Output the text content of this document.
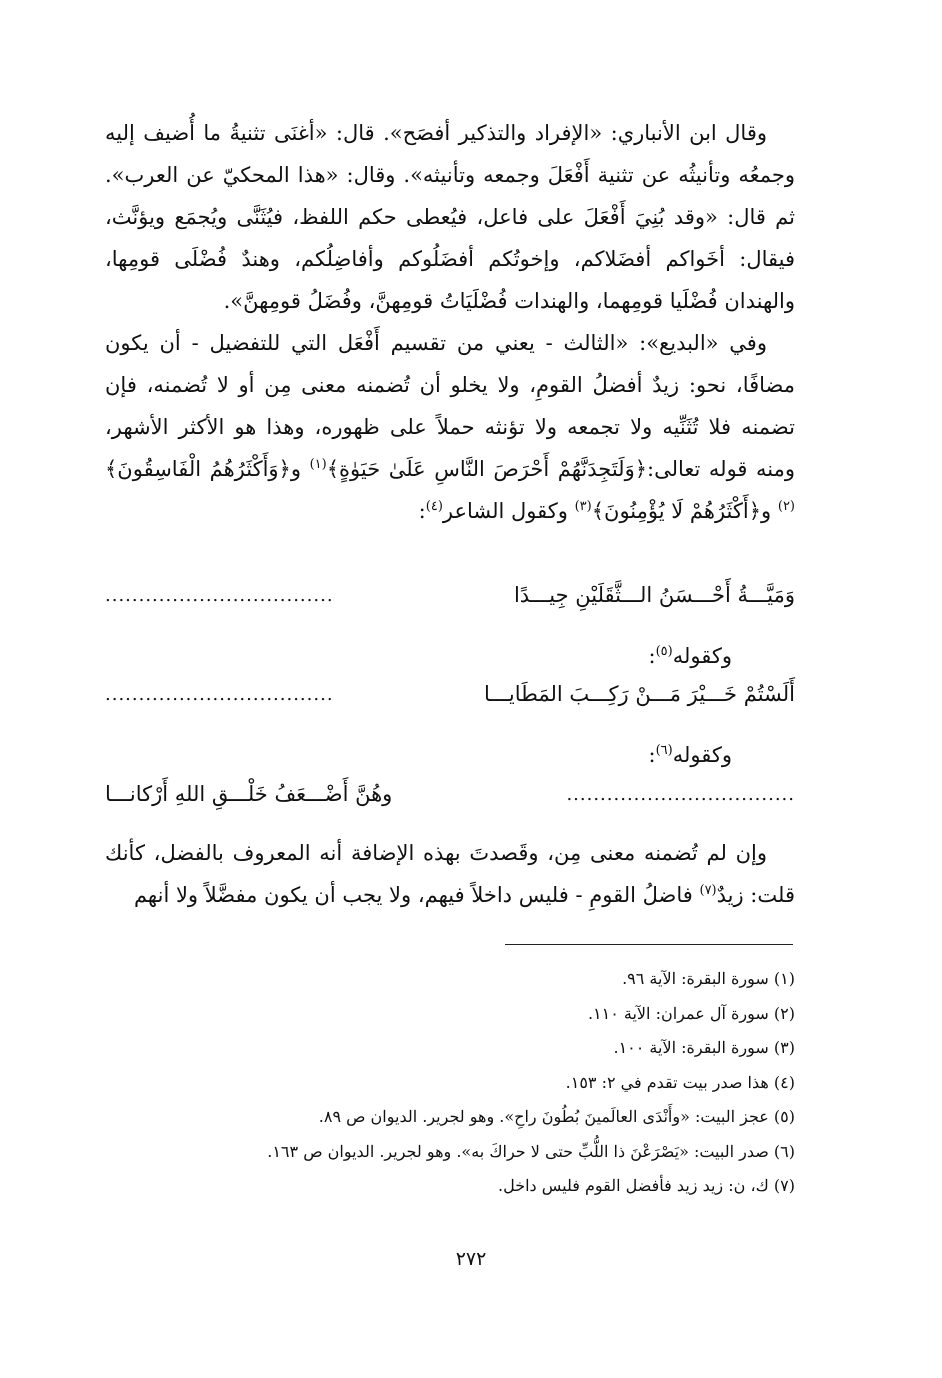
وقال ابن الأنباري: «الإفراد والتذكير أفصَح». قال: «أغنَى تثنيةُ ما أُضيف إليه وجمعُه وتأنيثُه عن تثنية أَفْعَلَ وجمعه وتأنيثه». وقال: «هذا المحكيّ عن العرب». ثم قال: «وقد بُنِيَ أَفْعَلَ على فاعل، فيُعطى حكم اللفظ، فيُثَنَّى ويُجمَع ويؤنَّث، فيقال: أخَواكم أفضَلاكم، وإخوتُكم أفضَلُوكم وأفاضِلُكم، وهندٌ فُضْلَى قومِها، والهندان فُضْلَيا قومِهما، والهندات فُضْلَيَاتُ قومِهنَّ، وفُضَلُ قومِهنَّ».

وفي «البديع»: «الثالث - يعني من تقسيم أَفْعَل التي للتفضيل - أن يكون مضافًا، نحو: زيدٌ أفضلُ القومِ، ولا يخلو أن تُضمنه معنى مِن أو لا تُضمنه، فإن تضمنه فلا تُثَنِّيه ولا تجمعه ولا تؤنثه حملاً على ظهوره، وهذا هو الأكثر الأشهر، ومنه قوله تعالى:﴿وَلَتَجِدَنَّهُمْ أَحْرَصَ النَّاسِ عَلَىٰ حَيَوٰةٍ﴾$^{(١)}$ و﴿وَأَكْثَرُهُمُ الْفَاسِقُونَ﴾$^{(٢)}$ و﴿أَكْثَرُهُمْ لَا يُؤْمِنُونَ﴾$^{(٣)}$ وكقول الشاعر$^{(٤)}$:

وَمَيَّـــةُ أَحْـــسَنُ الـــثَّقَلَيْنِ جِيـــدًا
..................................
وكقوله$^{(٥)}$:
أَلَسْتُمْ خَـــيْرَ مَـــنْ رَكِـــبَ المَطَايـــا
..................................
وكقوله$^{(٦)}$:
..................................
وهُنَّ أَضْـــعَفُ خَلْـــقِ اللهِ أَرْكانـــا

وإن لم تُضمنه معنى مِن، وقَصدتَ بهذه الإضافة أنه المعروف بالفضل، كأنك قلت: زيدٌ$^{(٧)}$ فاضلُ القومِ - فليس داخلاً فيهم، ولا يجب أن يكون مفضَّلاً ولا أنهم

(١) سورة البقرة: الآية ٩٦.
(٢) سورة آل عمران: الآية ١١٠.
(٣) سورة البقرة: الآية ١٠٠.
(٤) هذا صدر بيت تقدم في ٢: ١٥٣.
(٥) عجز البيت: «وأَنْدَى العالَمينَ بُطُونَ راحِ». وهو لجرير. الديوان ص ٨٩.
(٦) صدر البيت: «يَصْرَعْنَ ذا اللُّبِّ حتى لا حراكَ به». وهو لجرير. الديوان ص ١٦٣.
(٧) ك، ن: زيد زيد فأفضل القوم فليس داخل.
٢٧٢
